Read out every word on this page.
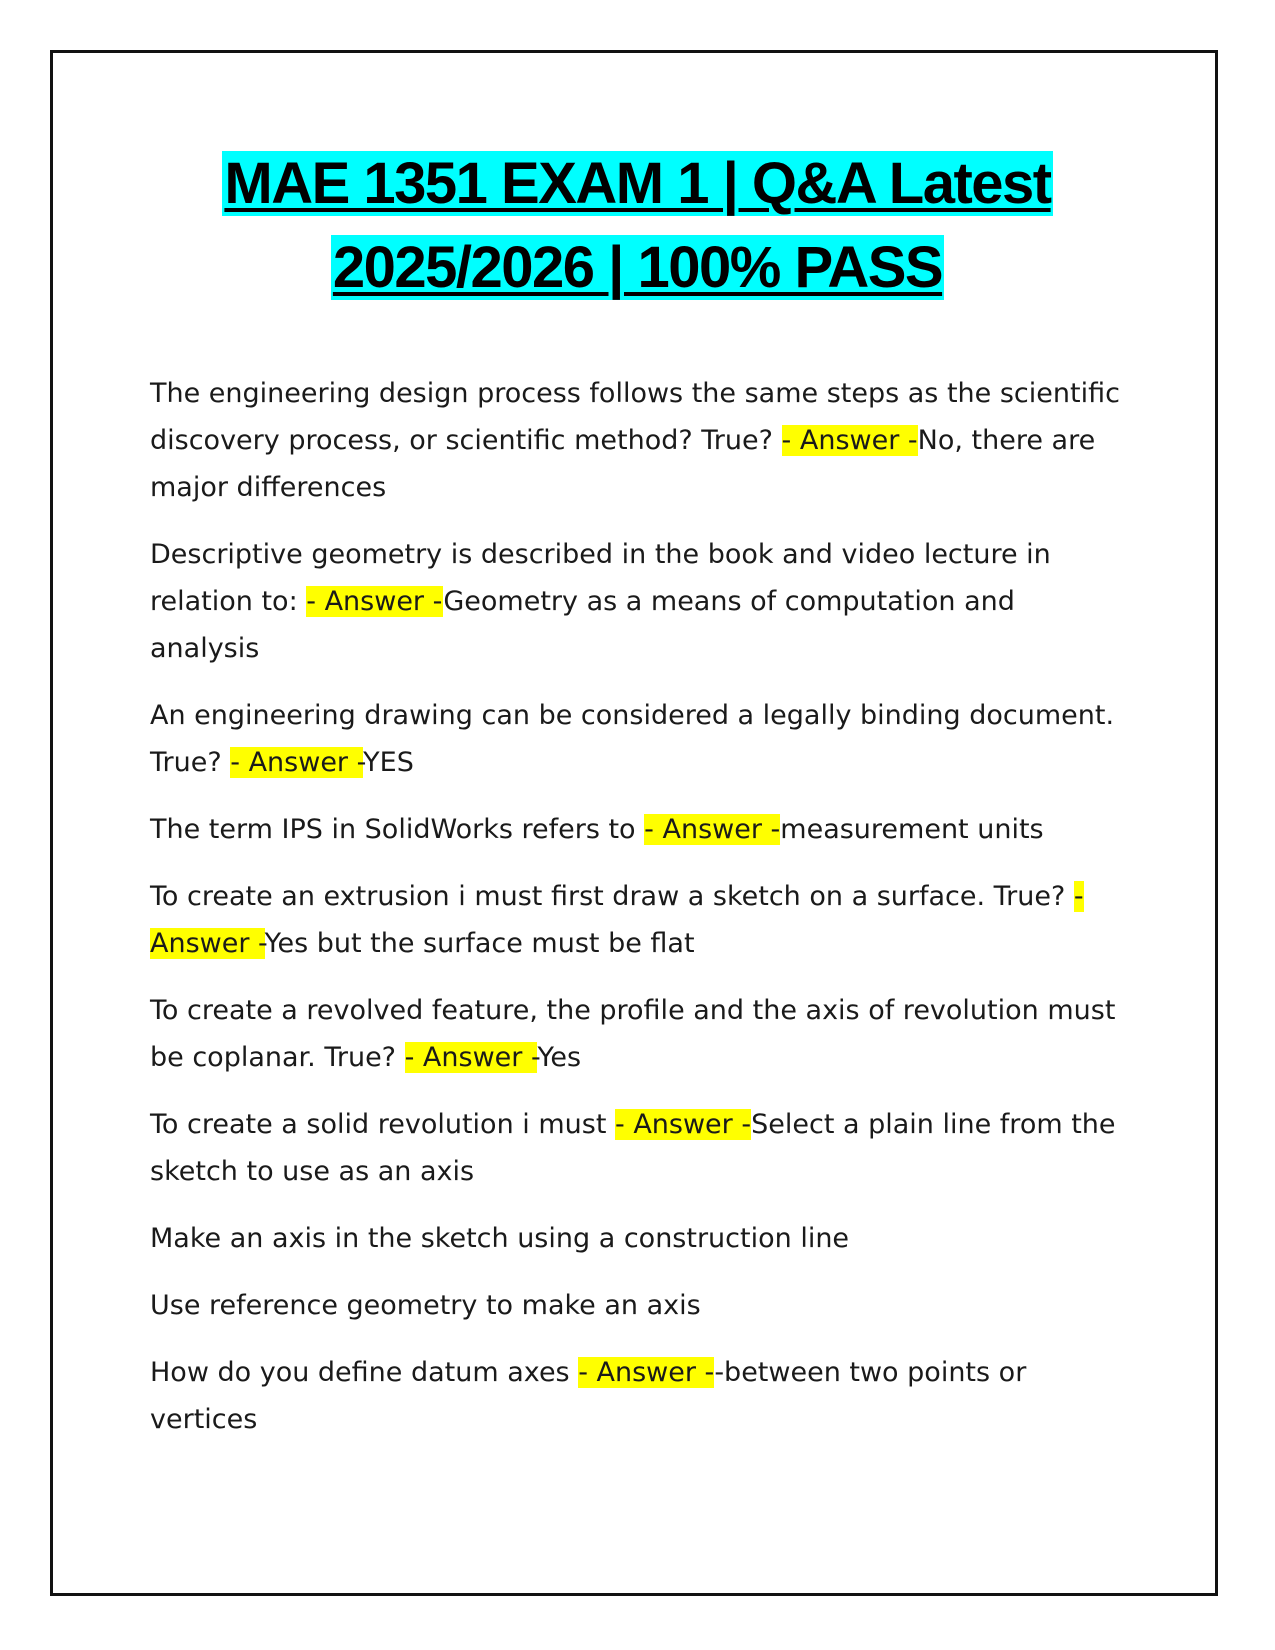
MAE 1351 EXAM 1 | Q&A Latest
2025/2026 | 100% PASS

The engineering design process follows the same steps as the scientific discovery process, or scientific method? True? - Answer -No, there are major differences

Descriptive geometry is described in the book and video lecture in relation to: - Answer -Geometry as a means of computation and analysis

An engineering drawing can be considered a legally binding document. True? - Answer -YES

The term IPS in SolidWorks refers to - Answer -measurement units

To create an extrusion i must first draw a sketch on a surface. True? - Answer -Yes but the surface must be flat

To create a revolved feature, the profile and the axis of revolution must be coplanar. True? - Answer -Yes

To create a solid revolution i must - Answer -Select a plain line from the sketch to use as an axis

Make an axis in the sketch using a construction line

Use reference geometry to make an axis

How do you define datum axes - Answer --between two points or vertices
